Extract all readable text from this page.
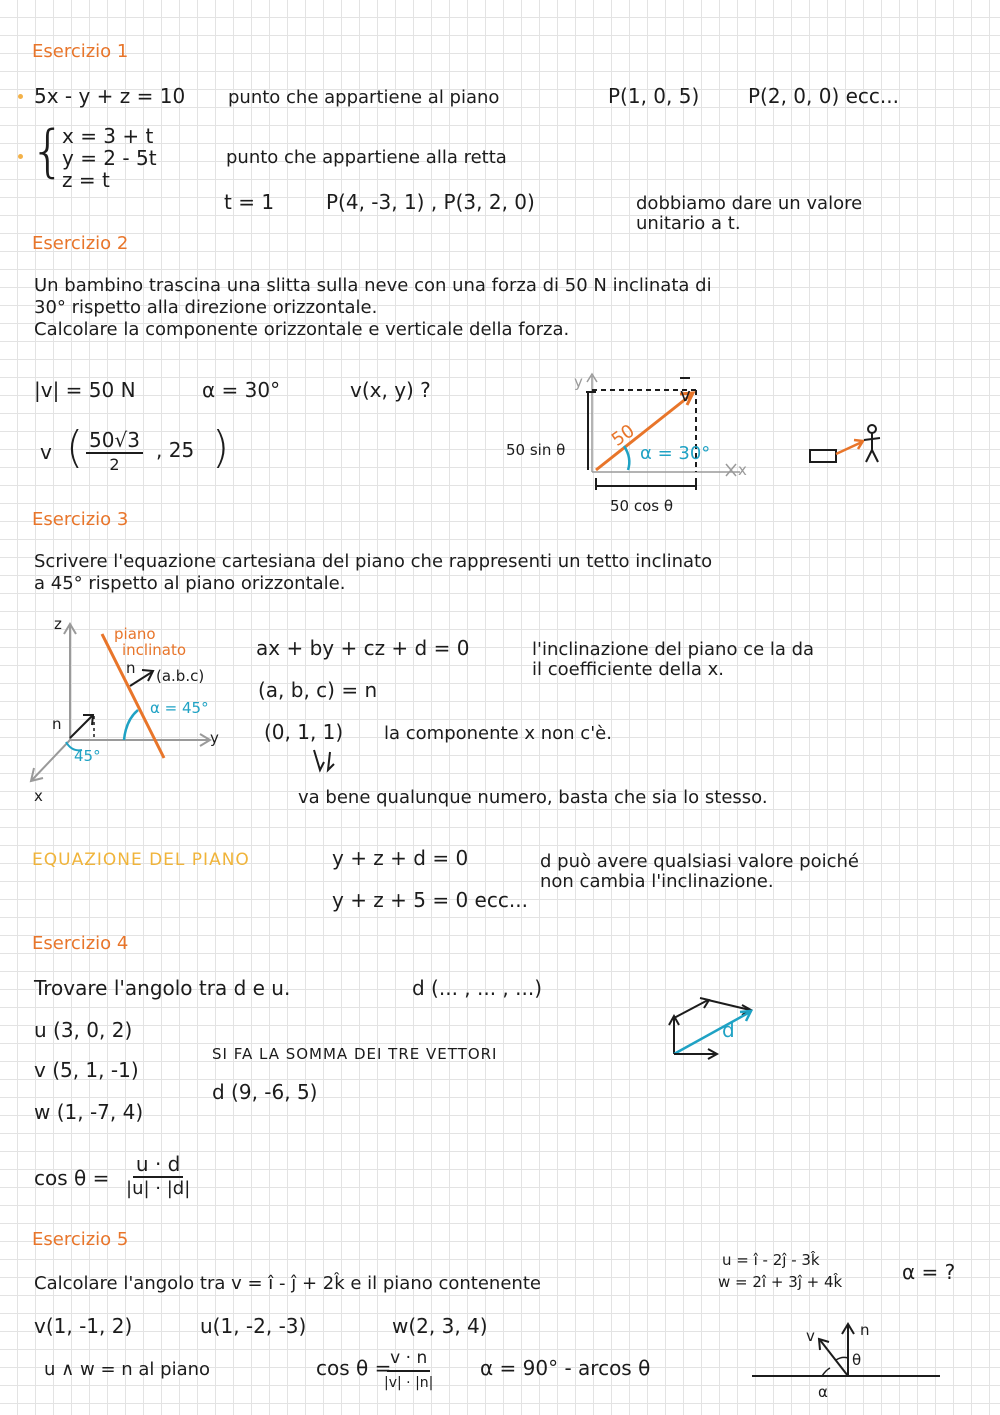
Esercizio 1
5x - y + z = 10 punto che appartiene al piano	P(1, 0, 5) P(2, 0, 0) ecc...
{
x = 3 + t
y = 2 - 5t
z = t
punto che appartiene alla retta
t = 1	P(4, -3, 1) , P(3, 2, 0)	dobbiamo dare un valore
unitario a t.
Esercizio 2
Un bambino trascina una slitta sulla neve con una forza di 50 N inclinata di
30° rispetto alla direzione orizzontale.
Calcolare la componente orizzontale e verticale della forza.
|v| = 50 N	α = 30°	v(x, y) ?
v ( 50√3
2
, 25 )
y
x
v
50
α = 30°
50 sin θ
50 cos θ
Esercizio 3
Scrivere l'equazione cartesiana del piano che rappresenti un tetto inclinato
a 45° rispetto al piano orizzontale.
z
y
x
piano
inclinato
n (a.b.c)
α = 45°
n
45°
ax + by + cz + d = 0
(a, b, c) = n
(0, 1, 1) la componente x non c'è.
va bene qualunque numero, basta che sia lo stesso.
l'inclinazione del piano ce la da
il coefficiente della x.
EQUAZIONE DEL PIANO	y + z + d = 0
y + z + 5 = 0 ecc...
d può avere qualsiasi valore poiché
non cambia l'inclinazione.
Esercizio 4
Trovare l'angolo tra d e u.	d (... , ... , ...)
u (3, 0, 2)
v (5, 1, -1)
w (1, -7, 4)
SI FA LA SOMMA DEI TRE VETTORI
d (9, -6, 5)
d
$\cos \theta = \frac{u \cdot d}{|u| \cdot |d|}$
Esercizio 5
u = î - 2ĵ - 3k̂
w = 2î + 3ĵ + 4k̂	α = ?
Calcolare l'angolo tra v = î - ĵ + 2k̂ e il piano contenente
v(1, -1, 2)	u(1, -2, -3)	w(2, 3, 4)
u ∧ w = n al piano	cos θ =
v · n
|v| · |n|
α = 90° - arcos θ
v	n
θ
α
